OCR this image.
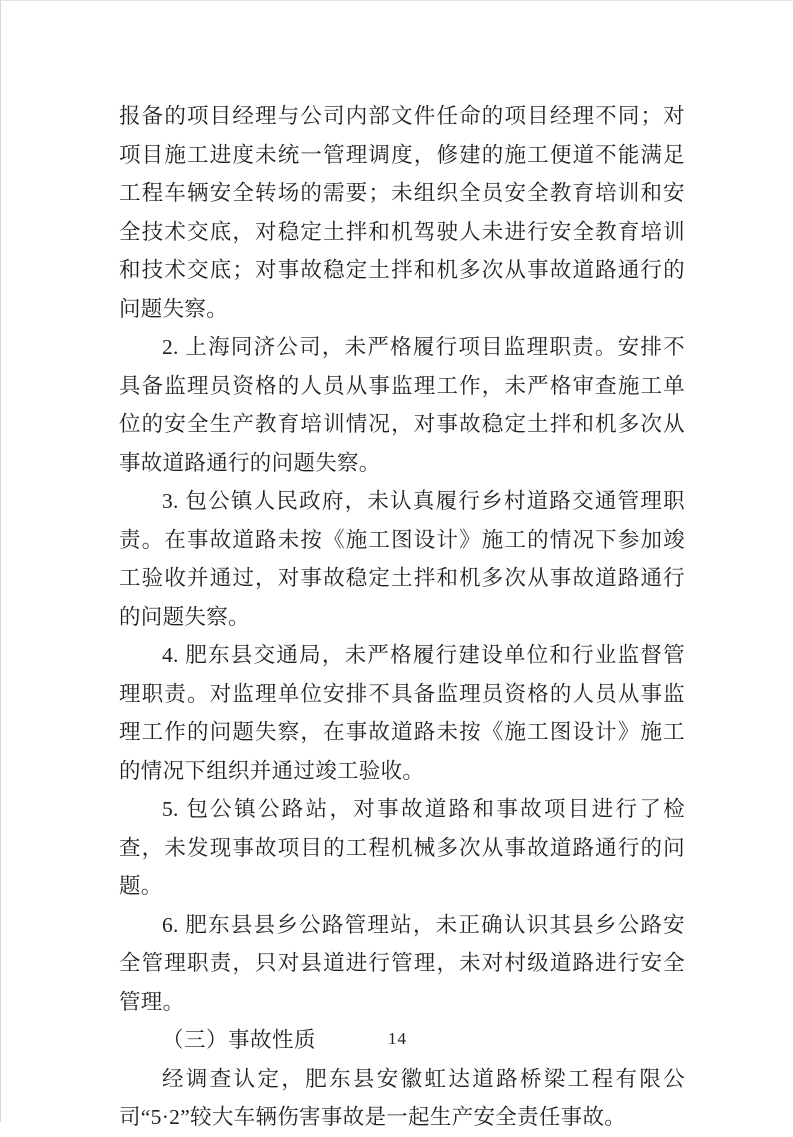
报备的项目经理与公司内部文件任命的项目经理不同；对项目施工进度未统一管理调度，修建的施工便道不能满足工程车辆安全转场的需要；未组织全员安全教育培训和安全技术交底，对稳定土拌和机驾驶人未进行安全教育培训和技术交底；对事故稳定土拌和机多次从事故道路通行的问题失察。

2. 上海同济公司，未严格履行项目监理职责。安排不具备监理员资格的人员从事监理工作，未严格审查施工单位的安全生产教育培训情况，对事故稳定土拌和机多次从事故道路通行的问题失察。

3. 包公镇人民政府，未认真履行乡村道路交通管理职责。在事故道路未按《施工图设计》施工的情况下参加竣工验收并通过，对事故稳定土拌和机多次从事故道路通行的问题失察。

4. 肥东县交通局，未严格履行建设单位和行业监督管理职责。对监理单位安排不具备监理员资格的人员从事监理工作的问题失察，在事故道路未按《施工图设计》施工的情况下组织并通过竣工验收。

5. 包公镇公路站，对事故道路和事故项目进行了检查，未发现事故项目的工程机械多次从事故道路通行的问题。

6. 肥东县县乡公路管理站，未正确认识其县乡公路安全管理职责，只对县道进行管理，未对村级道路进行安全管理。

（三）事故性质

经调查认定，肥东县安徽虹达道路桥梁工程有限公司“5·2”较大车辆伤害事故是一起生产安全责任事故。

14
